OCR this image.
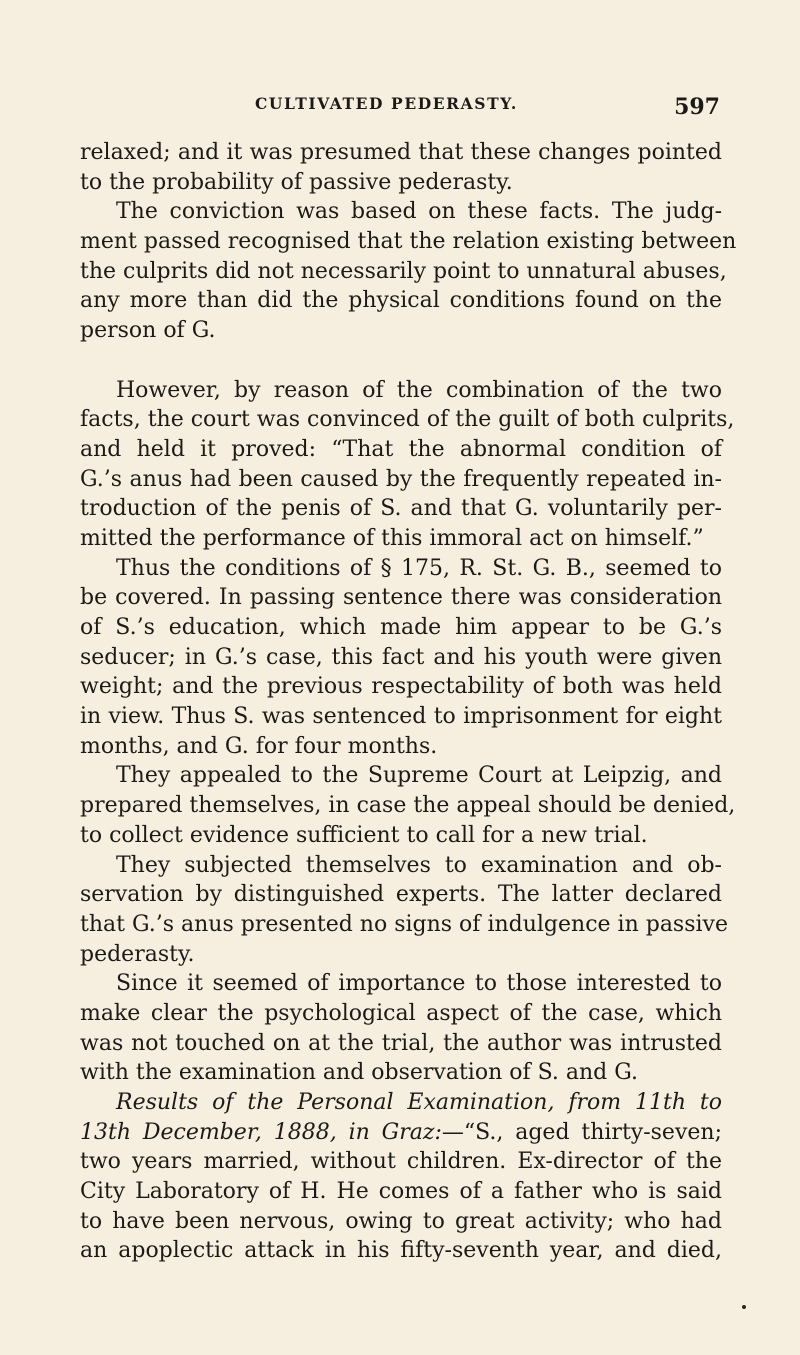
CULTIVATED PEDERASTY.	597
relaxed; and it was presumed that these changes pointed
to the probability of passive pederasty.
The conviction was based on these facts. The judg-
ment passed recognised that the relation existing between
the culprits did not necessarily point to unnatural abuses,
any more than did the physical conditions found on the
person of G.
However, by reason of the combination of the two
facts, the court was convinced of the guilt of both culprits,
and held it proved: “That the abnormal condition of
G.’s anus had been caused by the frequently repeated in-
troduction of the penis of S. and that G. voluntarily per-
mitted the performance of this immoral act on himself.”
Thus the conditions of § 175, R. St. G. B., seemed to
be covered. In passing sentence there was consideration
of S.’s education, which made him appear to be G.’s
seducer; in G.’s case, this fact and his youth were given
weight; and the previous respectability of both was held
in view. Thus S. was sentenced to imprisonment for eight
months, and G. for four months.
They appealed to the Supreme Court at Leipzig, and
prepared themselves, in case the appeal should be denied,
to collect evidence sufficient to call for a new trial.
They subjected themselves to examination and ob-
servation by distinguished experts. The latter declared
that G.’s anus presented no signs of indulgence in passive
pederasty.
Since it seemed of importance to those interested to
make clear the psychological aspect of the case, which
was not touched on at the trial, the author was intrusted
with the examination and observation of S. and G.
Results of the Personal Examination, from 11th to
13th December, 1888, in Graz:—“S., aged thirty-seven;
two years married, without children. Ex-director of the
City Laboratory of H. He comes of a father who is said
to have been nervous, owing to great activity; who had
an apoplectic attack in his fifty-seventh year, and died,
